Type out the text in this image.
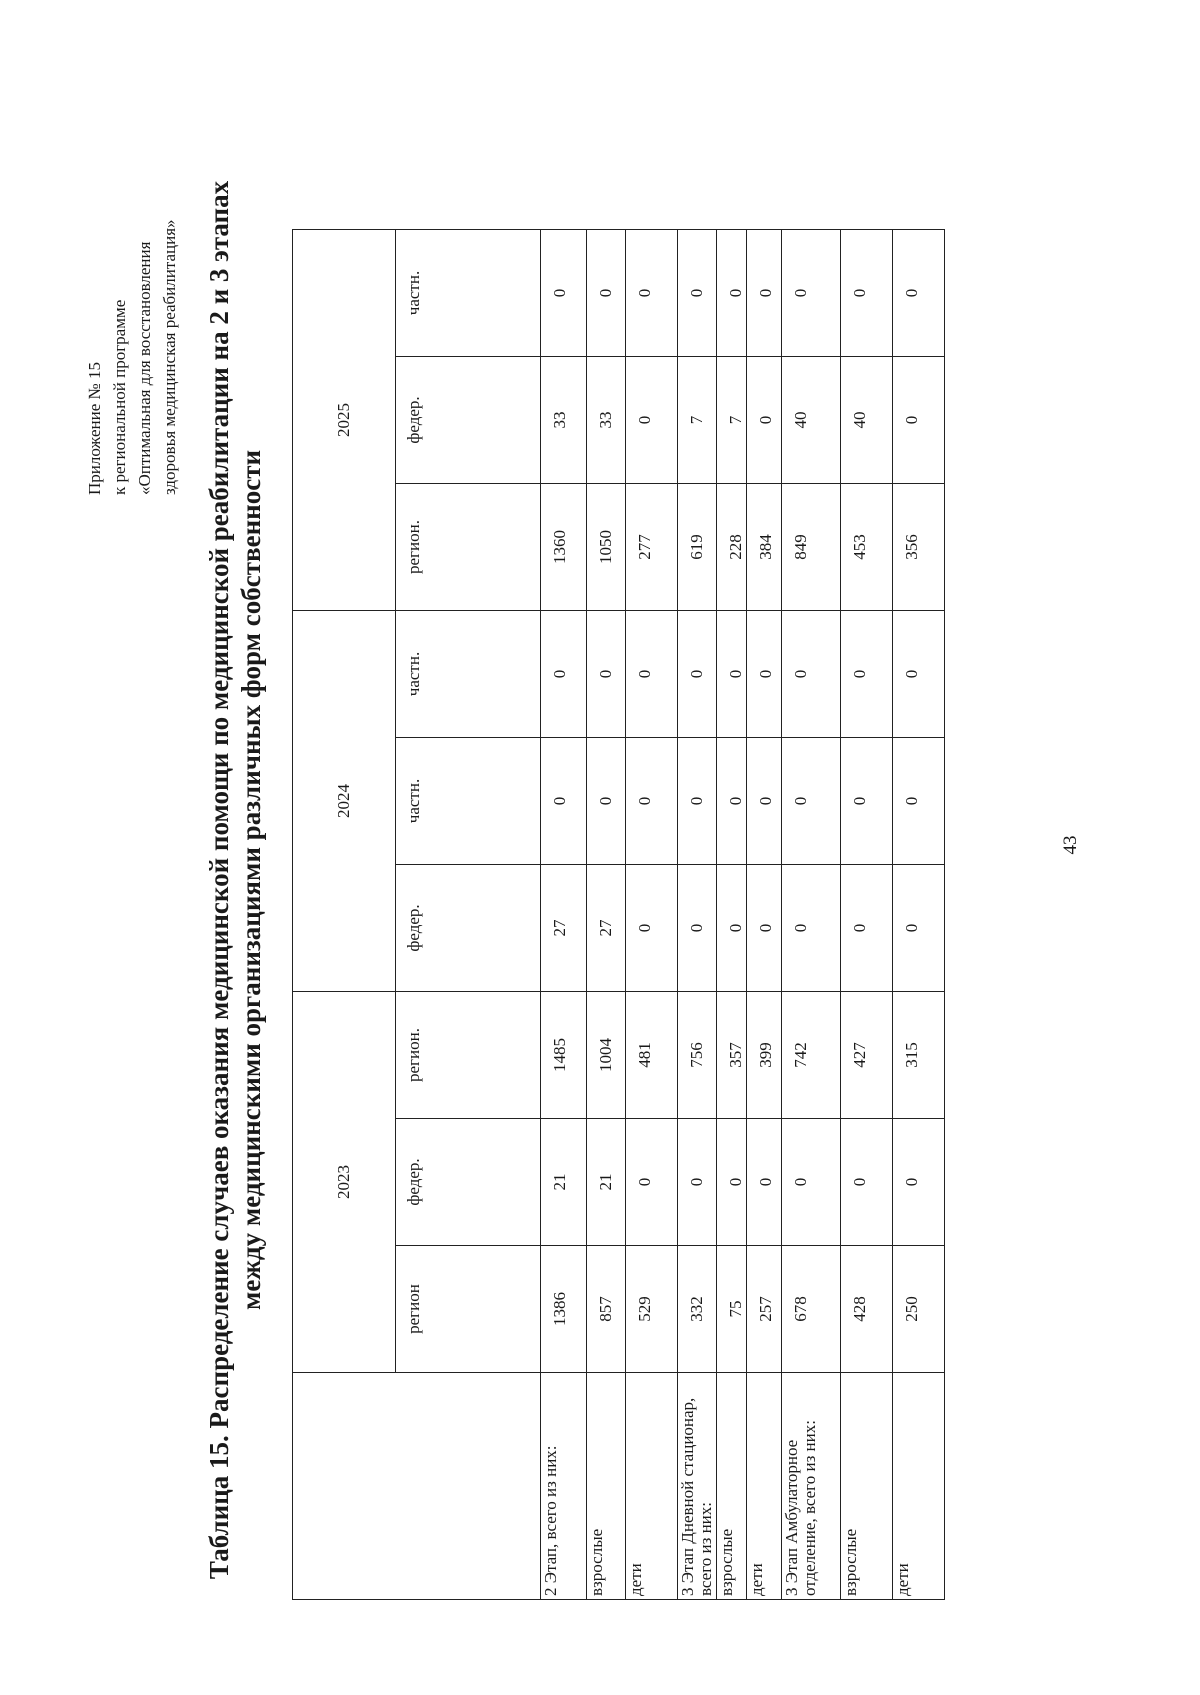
Приложение № 15 к региональной программе «Оптимальная для восстановления здоровья медицинская реабилитация» Таблица 15. Распределение случаев оказания медицинской помощи по медицинской реабилитации на 2 и 3 этапах между медицинскими организациями различных форм собственности
		2023			2024			2025		
	регион	федер.	регион.	федер.	частн.	частн.	регион.	федер.	частн.
2 Этап, всего из них:	1386	21	1485	27	0	0	1360	33	0
взрослые	857	21	1004	27	0	0	1050	33	0
дети	529	0	481	0	0	0	277	0	0
3 Этап Дневной стационар, всего из них:	332	0	756	0	0	0	619	7	0
взрослые	75	0	357	0	0	0	228	7	0
дети	257	0	399	0	0	0	384	0	0
3 Этап Амбулаторное отделение, всего из них:	678	0	742	0	0	0	849	40	0
взрослые	428	0	427	0	0	0	453	40	0
дети	250	0	315	0	0	0	356	0	0
43
